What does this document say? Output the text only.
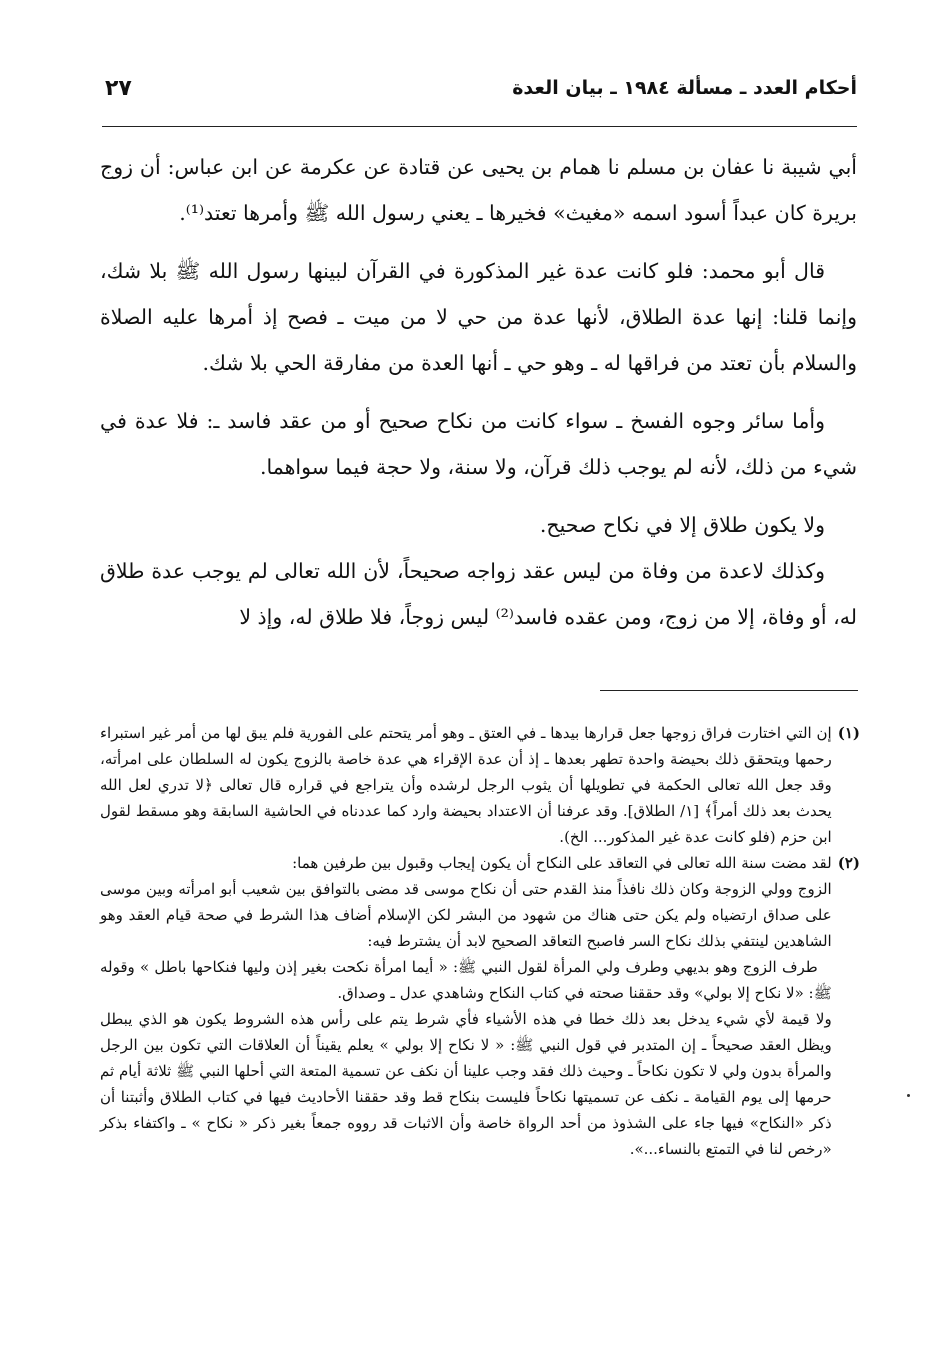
أحكام العدد ـ مسألة ١٩٨٤ ـ بيان العدة
٢٧

أبي شيبة نا عفان بن مسلم نا همام بن يحيى عن قتادة عن عكرمة عن ابن عباس: أن زوج بريرة كان عبداً أسود اسمه «مغيث» فخيرها ـ يعني رسول الله ﷺ وأمرها تعتد⁽¹⁾.

قال أبو محمد: فلو كانت عدة غير المذكورة في القرآن لبينها رسول الله ﷺ بلا شك، وإنما قلنا: إنها عدة الطلاق، لأنها عدة من حي لا من ميت ـ فصح إذ أمرها عليه الصلاة والسلام بأن تعتد من فراقها له ـ وهو حي ـ أنها العدة من مفارقة الحي بلا شك.

وأما سائر وجوه الفسخ ـ سواء كانت من نكاح صحيح أو من عقد فاسد ـ: فلا عدة في شيء من ذلك، لأنه لم يوجب ذلك قرآن، ولا سنة، ولا حجة فيما سواهما.

ولا يكون طلاق إلا في نكاح صحيح.

وكذلك لاعدة من وفاة من ليس عقد زواجه صحيحاً، لأن الله تعالى لم يوجب عدة طلاق له، أو وفاة، إلا من زوج، ومن عقده فاسد⁽²⁾ ليس زوجاً، فلا طلاق له، وإذ لا

(١)

إن التي اختارت فراق زوجها جعل قرارها بيدها ـ في العتق ـ وهو أمر يتحتم على الفورية فلم يبق لها من أمر غير استبراء رحمها ويتحقق ذلك بحيضة واحدة تطهر بعدها ـ إذ أن عدة الإقراء هي عدة خاصة بالزوج يكون له السلطان على امرأته، وقد جعل الله تعالى الحكمة في تطويلها أن يثوب الرجل لرشده وأن يتراجع في قراره قال تعالى ﴿لا تدري لعل الله يحدث بعد ذلك أمراً﴾ [١/ الطلاق]. وقد عرفنا أن الاعتداد بحيضة وارد كما عددناه في الحاشية السابقة وهو مسقط لقول ابن حزم (فلو كانت عدة غير المذكور... الخ).

(٢)

لقد مضت سنة الله تعالى في التعاقد على النكاح أن يكون إيجاب وقبول بين طرفين هما:

الزوج وولي الزوجة وكان ذلك نافذاً منذ القدم حتى أن نكاح موسى قد مضى بالتوافق بين شعيب أبو امرأته وبين موسى على صداق ارتضياه ولم يكن حتى هناك من شهود من البشر لكن الإسلام أضاف هذا الشرط في صحة قيام العقد وهو الشاهدين لينتفي بذلك نكاح السر فاصبح التعاقد الصحيح لابد أن يشترط فيه:

طرف الزوج وهو بديهي وطرف ولي المرأة لقول النبي ﷺ: « أيما امرأة نكحت بغير إذن وليها فنكاحها باطل » وقوله ﷺ: «لا نكاح إلا بولي» وقد حققنا صحته في كتاب النكاح وشاهدي عدل ـ وصداق.

ولا قيمة لأي شيء يدخل بعد ذلك خطا في هذه الأشياء فأي شرط يتم على رأس هذه الشروط يكون هو الذي يبطل ويظل العقد صحيحاً ـ إن المتدبر في قول النبي ﷺ: « لا نكاح إلا بولي » يعلم يقيناً أن العلاقات التي تكون بين الرجل والمرأة بدون ولي لا تكون نكاحاً ـ وحيث ذلك فقد وجب علينا أن نكف عن تسمية المتعة التي أحلها النبي ﷺ ثلاثة أيام ثم حرمها إلى يوم القيامة ـ نكف عن تسميتها نكاحاً فليست بنكاح قط وقد حققنا الأحاديث فيها في كتاب الطلاق وأثبتنا أن ذكر «النكاح» فيها جاء على الشذوذ من أحد الرواة خاصة وأن الاثبات قد رووه جمعاً بغير ذكر « نكاح » ـ واكتفاء بذكر «رخص لنا في التمتع بالنساء...».
